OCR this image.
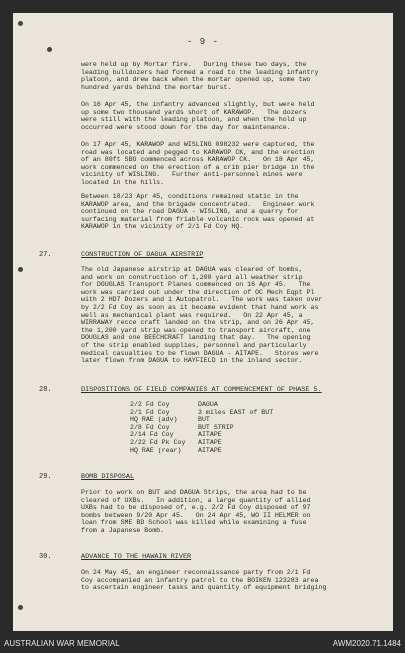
- 9 -
were held up by Mortar fire.   During these two days, the
leading bulldozers had formed a road to the leading infantry
platoon, and drew back when the mortar opened up, some two
hundred yards behind the mortar burst.
On 16 Apr 45, the infantry advanced slightly, but were held
up some two thousand yards short of KARAWOP.   The dozers
were still with the leading platoon, and when the hold up
occurred were stood down for the day for maintenance.
On 17 Apr 45, KARAWOP and WISLING 098232 were captured, the
road was located and pegged to KARAWOP CK, and the erection
of an 80ft SBG commenced across KARAWOP CK.   On 18 Apr 45,
work commenced on the erection of a crib pier bridge in the
vicinity of WISLING.   Further anti-personnel mines were
located in the hills.
Between 18/23 Apr 45, conditions remained static in the
KARAWOP area, and the brigade concentrated.   Engineer work
continued on the road DAGUA - WISLING, and a quarry for
surfacing material from friable volcanic rock was opened at
KARAWOP in the vicinity of 2/1 Fd Coy HQ.
27.	CONSTRUCTION OF DAGUA AIRSTRIP
The old Japanese airstrip at DAGUA was cleared of bombs,
and work on construction of 1,200 yard all weather strip
for DOUGLAS Transport Planes commenced on 16 Apr 45.   The
work was carried out under the direction of OC Mech Eqpt Pl
with 2 HD7 Dozers and 1 Autopatrol.   The work was taken over
by 2/2 Fd Coy as soon as it became evident that hand work as
well as mechanical plant was required.   On 22 Apr 45, a
WIRRAWAY recce craft landed on the strip, and on 26 Apr 45,
the 1,200 yard strip was opened to transport aircraft, one
DOUGLAS and one BEECHCRAFT landing that day.   The opening
of the strip enabled supplies, personnel and particularly
medical casualties to be flown DAGUA - AITAPE.   Stores were
later flown from DAGUA to HAYFIELD in the inland sector.
28.	DISPOSITIONS OF FIELD COMPANIES AT COMMENCEMENT OF PHASE 5.
2/2 Fd Coy	DAGUA
2/1 Fd Coy	3 miles EAST of BUT
HQ RAE (adv)	BUT
2/8 Fd Coy	BUT STRIP
2/14 Fd Coy	AITAPE
2/22 Fd Pk Coy	AITAPE
HQ RAE (rear)	AITAPE
29.	BOMB DISPOSAL
Prior to work on BUT and DAGUA Strips, the area had to be
cleared of UXBs.   In addition, a large quantity of allied
UXBs had to be disposed of, e.g. 2/2 Fd Coy disposed of 97
bombs between 9/20 Apr 45.   On 24 Apr 45, WO II HELMER on
loan from SME BD School was killed while examining a fuse
from a Japanese Bomb.
30.	ADVANCE TO THE HAWAIN RIVER
On 24 May 45, an engineer reconnaissance party from 2/1 Fd
Coy accompanied an infantry patrol to the BOIKEN 123283 area
to ascertain engineer tasks and quantity of equipment bridging
AUSTRALIAN WAR MEMORIAL	AWM2020.71.1484
